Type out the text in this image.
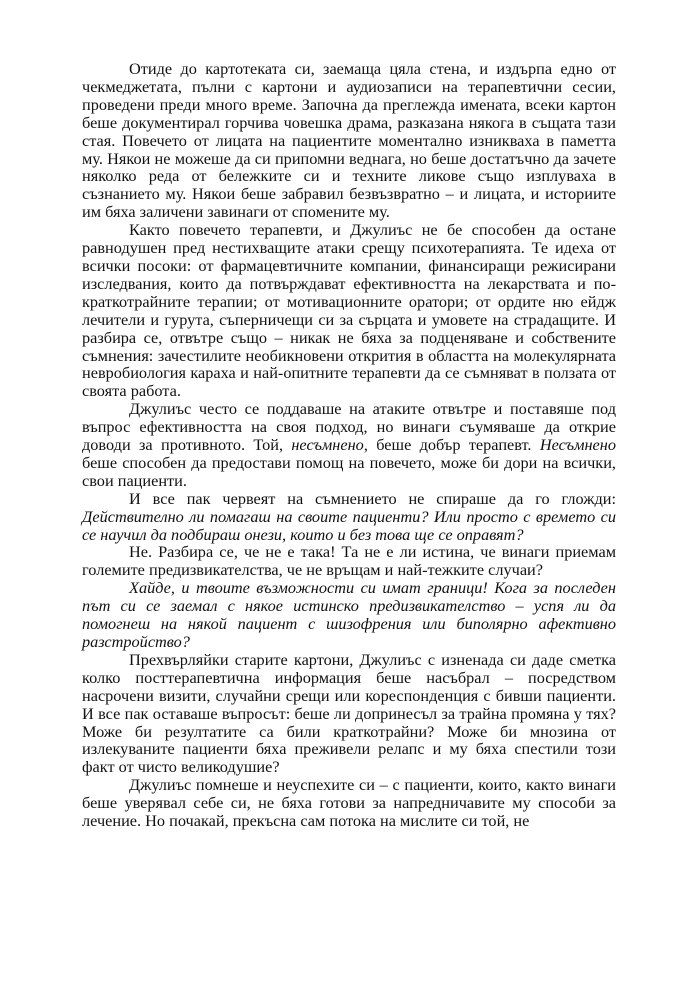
Отиде до картотеката си, заемаща цяла стена, и издърпа едно от чекмеджетата, пълни с картони и аудиозаписи на терапевтични сесии, проведени преди много време. Започна да преглежда имената, всеки картон беше документирал горчива човешка драма, разказана някога в същата тази стая. Повечето от лицата на пациентите моментално изникваха в паметта му. Някои не можеше да си припомни веднага, но беше достатъчно да зачете няколко реда от бележките си и техните ликове също изплуваха в съзнанието му. Някои беше забравил безвъзвратно – и лицата, и историите им бяха заличени завинаги от спомените му.

Както повечето терапевти, и Джулиъс не бе способен да остане равнодушен пред нестихващите атаки срещу психотерапията. Те идеха от всички посоки: от фармацевтичните компании, финансиращи режисирани изследвания, които да потвърждават ефективността на лекарствата и по-краткотрайните терапии; от мотивационните оратори; от ордите ню ейдж лечители и гурута, съперничещи си за сърцата и умовете на страдащите. И разбира се, отвътре също – никак не бяха за подценяване и собствените съмнения: зачестилите необикновени открития в областта на молекулярната невробиология караха и най-опитните терапевти да се съмняват в ползата от своята работа.

Джулиъс често се поддаваше на атаките отвътре и поставяше под въпрос ефективността на своя подход, но винаги съумяваше да открие доводи за противното. Той, несъмнено, беше добър терапевт. Несъмнено беше способен да предостави помощ на повечето, може би дори на всички, свои пациенти.

И все пак червеят на съмнението не спираше да го гложди: Действително ли помагаш на своите пациенти? Или просто с времето си се научил да подбираш онези, които и без това ще се оправят?

Не. Разбира се, че не е така! Та не е ли истина, че винаги приемам големите предизвикателства, че не връщам и най-тежките случаи?

Хайде, и твоите възможности си имат граници! Кога за последен път си се заемал с някое истинско предизвикателство – успя ли да помогнеш на някой пациент с шизофрения или биполярно афективно разстройство?

Прехвърляйки старите картони, Джулиъс с изненада си даде сметка колко посттерапевтична информация беше насъбрал – посредством насрочени визити, случайни срещи или кореспонденция с бивши пациенти. И все пак оставаше въпросът: беше ли допринесъл за трайна промяна у тях? Може би резултатите са били краткотрайни? Може би мнозина от излекуваните пациенти бяха преживели релапс и му бяха спестили този факт от чисто великодушие?

Джулиъс помнеше и неуспехите си – с пациенти, които, както винаги беше уверявал себе си, не бяха готови за напредничавите му способи за лечение. Но почакай, прекъсна сам потока на мислите си той, не
